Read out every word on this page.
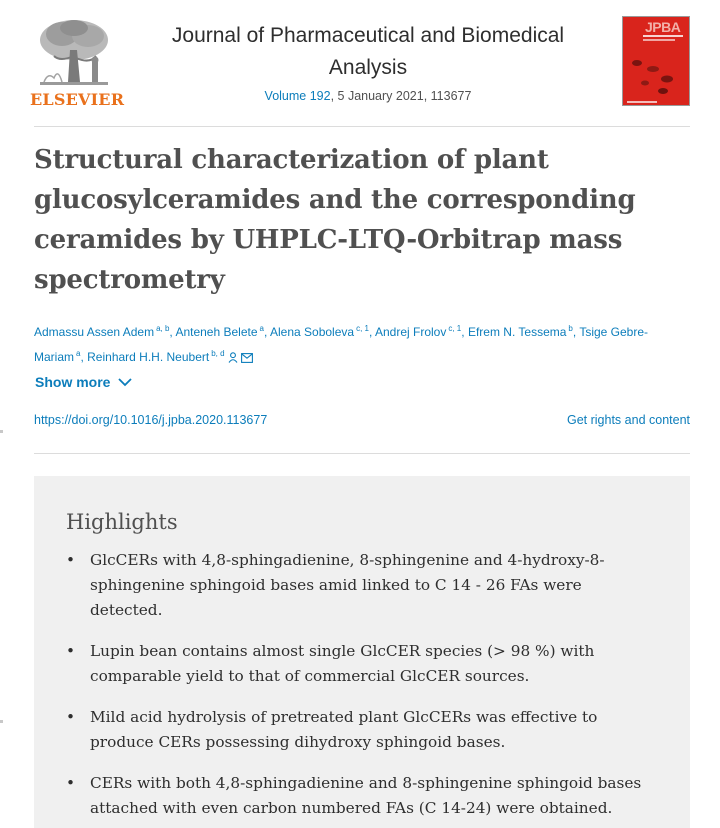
ELSEVIER
Journal of Pharmaceutical and Biomedical
Analysis
Volume 192, 5 January 2021, 113677
JPBA
Structural characterization of plant glucosylceramides and the corresponding ceramides by UHPLC-LTQ-Orbitrap mass spectrometry
Admassu Assen Adem $^{a, b}$, Anteneh Belete $^a$, Alena Soboleva $^{c, 1}$, Andrej Frolov $^{c, 1}$, Efrem N. Tessema $^b$, Tsige Gebre-Mariam $^a$, Reinhard H.H. Neubert $^{b, d}$
Show more
https://doi.org/10.1016/j.jpba.2020.113677	Get rights and content
Highlights
• GlcCERs with 4,8-sphingadienine, 8-sphingenine and 4-hydroxy-8-sphingenine sphingoid bases amid linked to C 14 - 26 FAs were detected.
• Lupin bean contains almost single GlcCER species (> 98 %) with comparable yield to that of commercial GlcCER sources.
• Mild acid hydrolysis of pretreated plant GlcCERs was effective to produce CERs possessing dihydroxy sphingoid bases.
• CERs with both 4,8-sphingadienine and 8-sphingenine sphingoid bases attached with even carbon numbered FAs (C 14-24) were obtained.
